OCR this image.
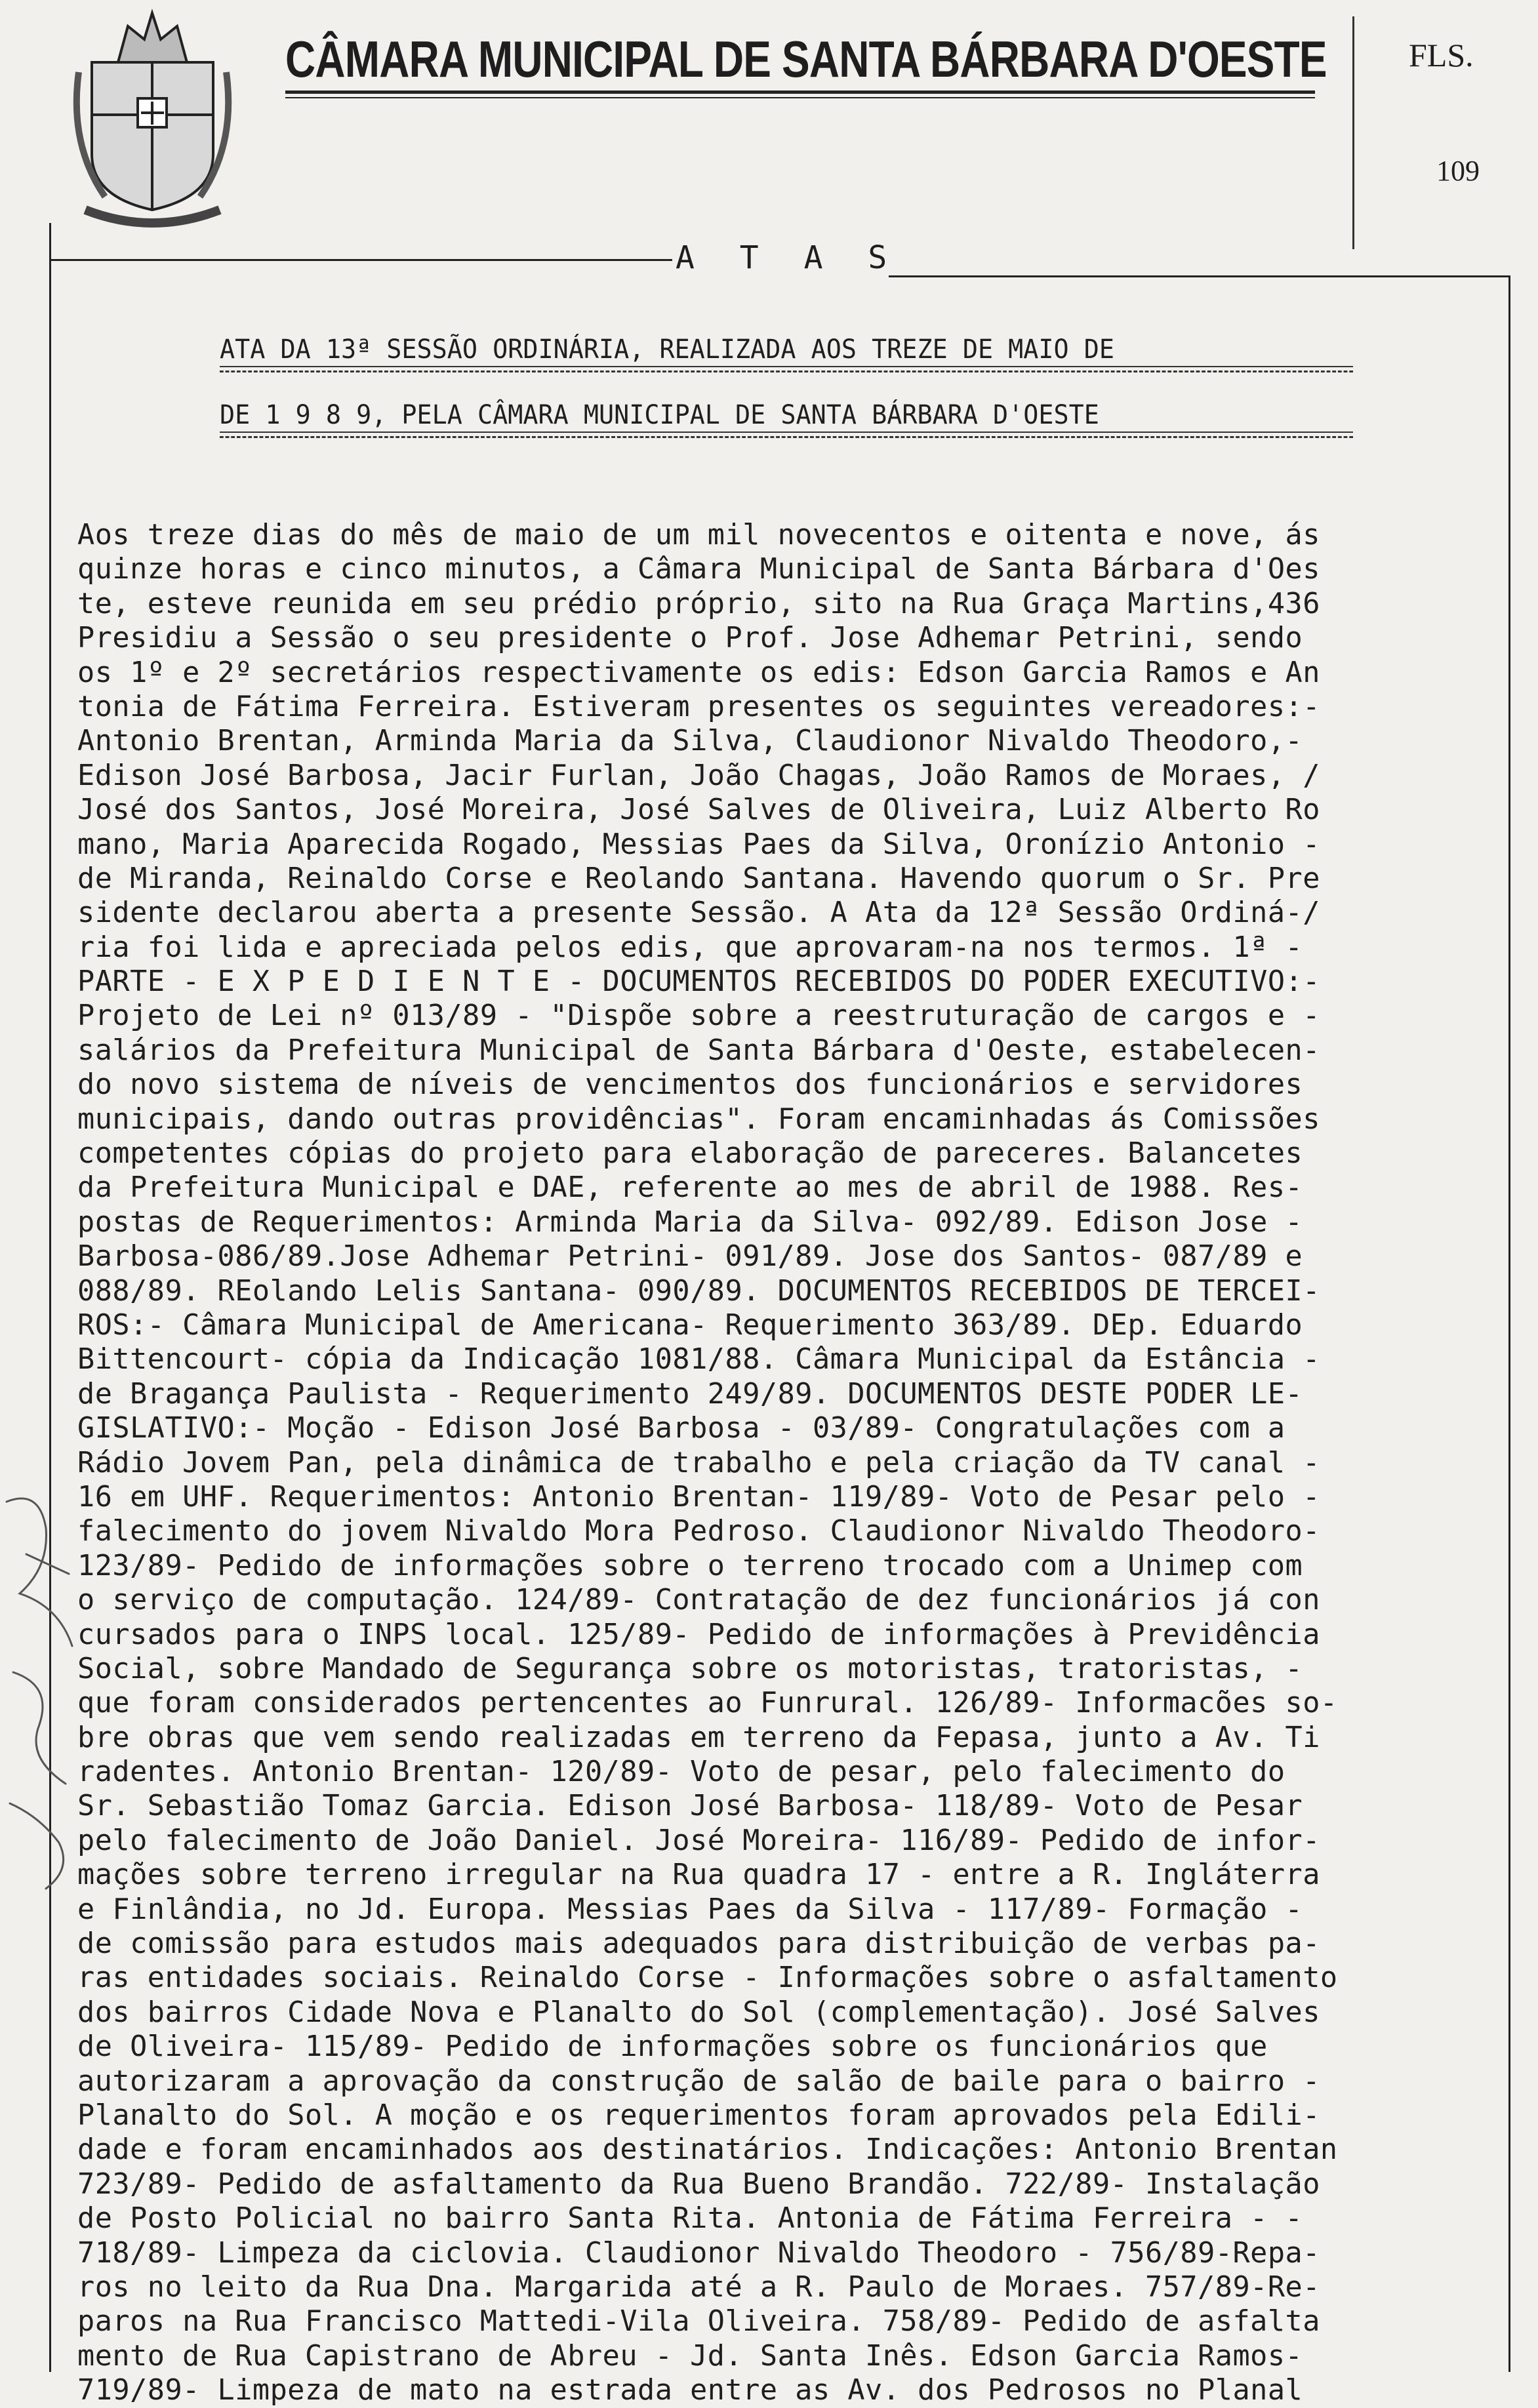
CÂMARA MUNICIPAL DE SANTA BÁRBARA D'OESTE	FLS.
109
A T A S
ATA DA 13ª SESSÃO ORDINÁRIA, REALIZADA AOS TREZE DE MAIO DE
DE 1 9 8 9, PELA CÂMARA MUNICIPAL DE SANTA BÁRBARA D'OESTE
Aos treze dias do mês de maio de um mil novecentos e oitenta e nove, ás
quinze horas e cinco minutos, a Câmara Municipal de Santa Bárbara d'Oes
te, esteve reunida em seu prédio próprio, sito na Rua Graça Martins,436
Presidiu a Sessão o seu presidente o Prof. Jose Adhemar Petrini, sendo
os 1º e 2º secretários respectivamente os edis: Edson Garcia Ramos e An
tonia de Fátima Ferreira. Estiveram presentes os seguintes vereadores:-
Antonio Brentan, Arminda Maria da Silva, Claudionor Nivaldo Theodoro,-
Edison José Barbosa, Jacir Furlan, João Chagas, João Ramos de Moraes, /
José dos Santos, José Moreira, José Salves de Oliveira, Luiz Alberto Ro
mano, Maria Aparecida Rogado, Messias Paes da Silva, Oronízio Antonio -
de Miranda, Reinaldo Corse e Reolando Santana. Havendo quorum o Sr. Pre
sidente declarou aberta a presente Sessão. A Ata da 12ª Sessão Ordiná-/
ria foi lida e apreciada pelos edis, que aprovaram-na nos termos. 1ª -
PARTE - E X P E D I E N T E - DOCUMENTOS RECEBIDOS DO PODER EXECUTIVO:-
Projeto de Lei nº 013/89 - "Dispõe sobre a reestruturação de cargos e -
salários da Prefeitura Municipal de Santa Bárbara d'Oeste, estabelecen-
do novo sistema de níveis de vencimentos dos funcionários e servidores
municipais, dando outras providências". Foram encaminhadas ás Comissões
competentes cópias do projeto para elaboração de pareceres. Balancetes
da Prefeitura Municipal e DAE, referente ao mes de abril de 1988. Res-
postas de Requerimentos: Arminda Maria da Silva- 092/89. Edison Jose -
Barbosa-086/89.Jose Adhemar Petrini- 091/89. Jose dos Santos- 087/89 e
088/89. REolando Lelis Santana- 090/89. DOCUMENTOS RECEBIDOS DE TERCEI-
ROS:- Câmara Municipal de Americana- Requerimento 363/89. DEp. Eduardo
Bittencourt- cópia da Indicação 1081/88. Câmara Municipal da Estância -
de Bragança Paulista - Requerimento 249/89. DOCUMENTOS DESTE PODER LE-
GISLATIVO:- Moção - Edison José Barbosa - 03/89- Congratulações com a
Rádio Jovem Pan, pela dinâmica de trabalho e pela criação da TV canal -
16 em UHF. Requerimentos: Antonio Brentan- 119/89- Voto de Pesar pelo -
falecimento do jovem Nivaldo Mora Pedroso. Claudionor Nivaldo Theodoro-
123/89- Pedido de informações sobre o terreno trocado com a Unimep com
o serviço de computação. 124/89- Contratação de dez funcionários já con
cursados para o INPS local. 125/89- Pedido de informações à Previdência
Social, sobre Mandado de Segurança sobre os motoristas, tratoristas, -
que foram considerados pertencentes ao Funrural. 126/89- Informacões so-
bre obras que vem sendo realizadas em terreno da Fepasa, junto a Av. Ti
radentes. Antonio Brentan- 120/89- Voto de pesar, pelo falecimento do
Sr. Sebastião Tomaz Garcia. Edison José Barbosa- 118/89- Voto de Pesar
pelo falecimento de João Daniel. José Moreira- 116/89- Pedido de infor-
mações sobre terreno irregular na Rua quadra 17 - entre a R. Ingláterra
e Finlândia, no Jd. Europa. Messias Paes da Silva - 117/89- Formação -
de comissão para estudos mais adequados para distribuição de verbas pa-
ras entidades sociais. Reinaldo Corse - Informações sobre o asfaltamento
dos bairros Cidade Nova e Planalto do Sol (complementação). José Salves
de Oliveira- 115/89- Pedido de informações sobre os funcionários que
autorizaram a aprovação da construção de salão de baile para o bairro -
Planalto do Sol. A moção e os requerimentos foram aprovados pela Edili-
dade e foram encaminhados aos destinatários. Indicações: Antonio Brentan
723/89- Pedido de asfaltamento da Rua Bueno Brandão. 722/89- Instalação
de Posto Policial no bairro Santa Rita. Antonia de Fátima Ferreira - -
718/89- Limpeza da ciclovia. Claudionor Nivaldo Theodoro - 756/89-Repa-
ros no leito da Rua Dna. Margarida até a R. Paulo de Moraes. 757/89-Re-
paros na Rua Francisco Mattedi-Vila Oliveira. 758/89- Pedido de asfalta
mento de Rua Capistrano de Abreu - Jd. Santa Inês. Edson Garcia Ramos-
719/89- Limpeza de mato na estrada entre as Av. dos Pedrosos no Planal
